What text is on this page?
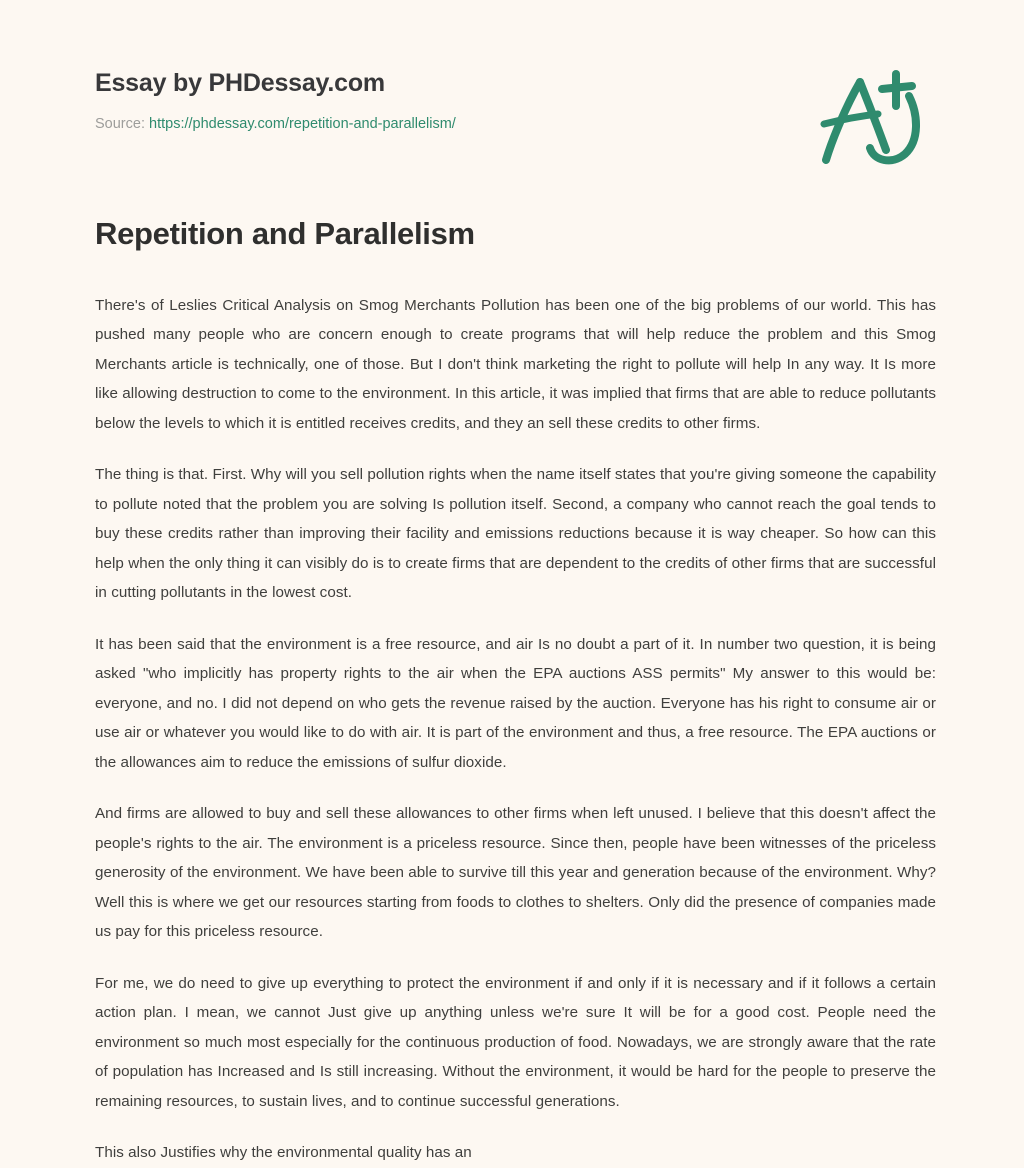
Essay by PHDessay.com
Source: https://phdessay.com/repetition-and-parallelism/
Repetition and Parallelism

There's of Leslies Critical Analysis on Smog Merchants Pollution has been one of the big problems of our world. This has pushed many people who are concern enough to create programs that will help reduce the problem and this Smog Merchants article is technically, one of those. But I don't think marketing the right to pollute will help In any way. It Is more like allowing destruction to come to the environment. In this article, it was implied that firms that are able to reduce pollutants below the levels to which it is entitled receives credits, and they an sell these credits to other firms.

The thing is that. First. Why will you sell pollution rights when the name itself states that you're giving someone the capability to pollute noted that the problem you are solving Is pollution itself. Second, a company who cannot reach the goal tends to buy these credits rather than improving their facility and emissions reductions because it is way cheaper. So how can this help when the only thing it can visibly do is to create firms that are dependent to the credits of other firms that are successful in cutting pollutants in the lowest cost.

It has been said that the environment is a free resource, and air Is no doubt a part of it. In number two question, it is being asked "who implicitly has property rights to the air when the EPA auctions ASS permits" My answer to this would be: everyone, and no. I did not depend on who gets the revenue raised by the auction. Everyone has his right to consume air or use air or whatever you would like to do with air. It is part of the environment and thus, a free resource. The EPA auctions or the allowances aim to reduce the emissions of sulfur dioxide.

And firms are allowed to buy and sell these allowances to other firms when left unused. I believe that this doesn't affect the people's rights to the air. The environment is a priceless resource. Since then, people have been witnesses of the priceless generosity of the environment. We have been able to survive till this year and generation because of the environment. Why? Well this is where we get our resources starting from foods to clothes to shelters. Only did the presence of companies made us pay for this priceless resource.

For me, we do need to give up everything to protect the environment if and only if it is necessary and if it follows a certain action plan. I mean, we cannot Just give up anything unless we're sure It will be for a good cost. People need the environment so much most especially for the continuous production of food. Nowadays, we are strongly aware that the rate of population has Increased and Is still increasing. Without the environment, it would be hard for the people to preserve the remaining resources, to sustain lives, and to continue successful generations.

This also Justifies why the environmental quality has an
